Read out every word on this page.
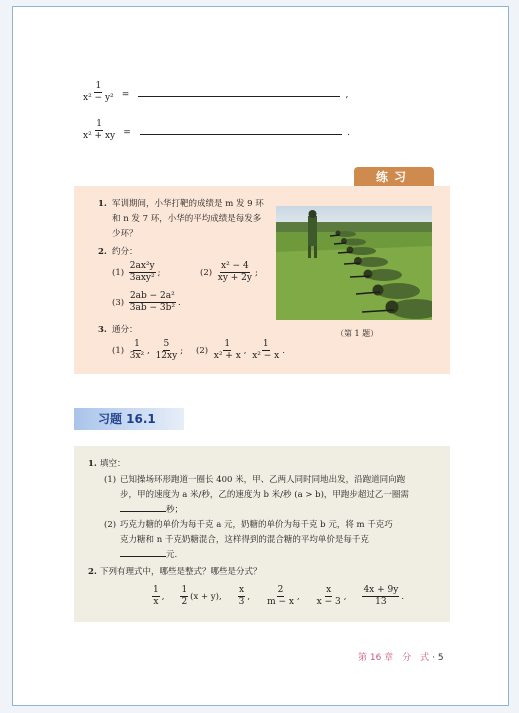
$\frac{1}{\text{x² − y²}}$ =	,
$\frac{1}{\text{x² + xy}}$ =	.
练习
1. 军训期间，小华打靶的成绩是 m 发 9 环
和 n 发 7 环，小华的平均成绩是每发多
少环？
2. 约分：
$(1) \frac{\text{2ax²y}}{\text{3axy²}}$ ;	$(2) \frac{\text{x² − 4}}{xy + 2y}$ ;
$(3) \frac{\text{2ab − 2a²}}{\text{3ab − 3b²}}$ .
3. 通分：
$(1) \frac{1}{\text{3x²}}$ , $\frac{5}{12xy}$ ; $(2) \frac{1}{\text{x² + x}}$ , $\frac{1}{\text{x² − x}}$ .
（第 1 题）
习题 16.1
1. 填空：
(1) 已知操场环形跑道一圈长 400 米，甲、乙两人同时同地出发，沿跑道同向跑
步，甲的速度为 a 米/秒，乙的速度为 b 米/秒 (a > b)，甲跑步超过乙一圈需
秒；
(2) 巧克力糖的单价为每千克 a 元，奶糖的单价为每千克 b 元，将 m 千克巧
克力糖和 n 千克奶糖混合，这样得到的混合糖的平均单价是每千克
元.
2. 下列有理式中，哪些是整式？哪些是分式？
$\frac{1}{x}$ , $\frac{1}{2} (x + y)$, $\frac{x}{3}$ , $\frac{2}{m - x}$ , $\frac{x}{x - 3}$ , $\frac{4x + 9y}{13}$ .
第 16 章　分　式 · 5
